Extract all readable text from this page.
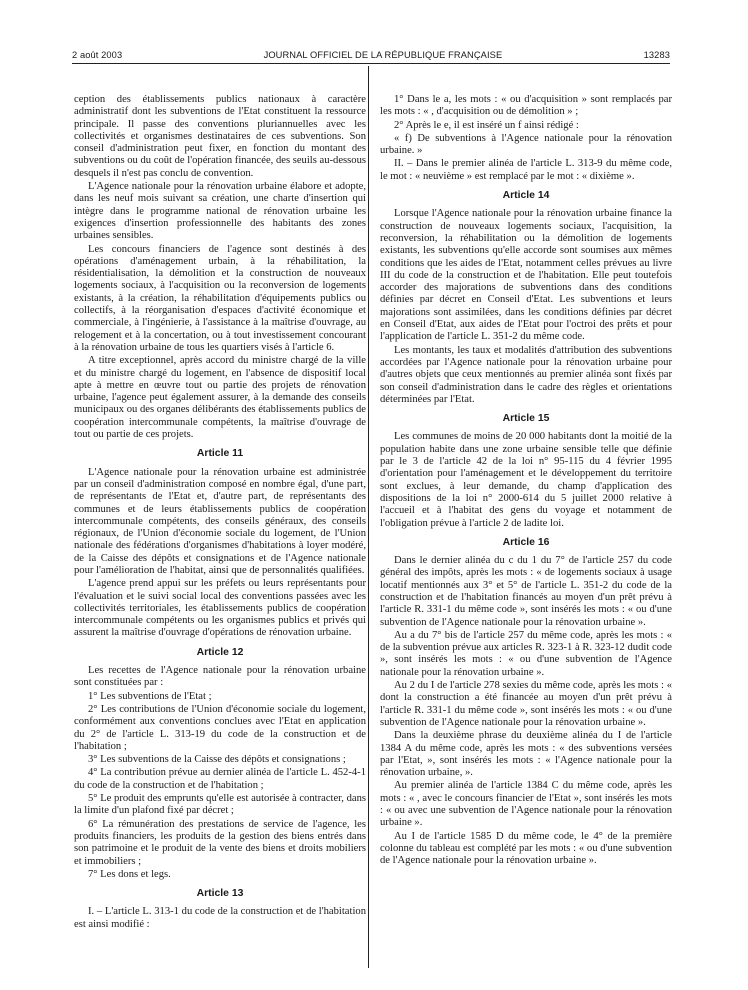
2 août 2003	JOURNAL OFFICIEL DE LA RÉPUBLIQUE FRANÇAISE	13283

ception des établissements publics nationaux à caractère administratif dont les subventions de l'Etat constituent la ressource principale. Il passe des conventions pluriannuelles avec les collectivités et organismes destinataires de ces subventions. Son conseil d'administration peut fixer, en fonction du montant des subventions ou du coût de l'opération financée, des seuils au-dessous desquels il n'est pas conclu de convention.

L'Agence nationale pour la rénovation urbaine élabore et adopte, dans les neuf mois suivant sa création, une charte d'insertion qui intègre dans le programme national de rénovation urbaine les exigences d'insertion professionnelle des habitants des zones urbaines sensibles.

Les concours financiers de l'agence sont destinés à des opérations d'aménagement urbain, à la réhabilitation, la résidentialisation, la démolition et la construction de nouveaux logements sociaux, à l'acquisition ou la reconversion de logements existants, à la création, la réhabilitation d'équipements publics ou collectifs, à la réorganisation d'espaces d'activité économique et commerciale, à l'ingénierie, à l'assistance à la maîtrise d'ouvrage, au relogement et à la concertation, ou à tout investissement concourant à la rénovation urbaine de tous les quartiers visés à l'article 6.

A titre exceptionnel, après accord du ministre chargé de la ville et du ministre chargé du logement, en l'absence de dispositif local apte à mettre en œuvre tout ou partie des projets de rénovation urbaine, l'agence peut également assurer, à la demande des conseils municipaux ou des organes délibérants des établissements publics de coopération intercommunale compétents, la maîtrise d'ouvrage de tout ou partie de ces projets.

Article 11

L'Agence nationale pour la rénovation urbaine est administrée par un conseil d'administration composé en nombre égal, d'une part, de représentants de l'Etat et, d'autre part, de représentants des communes et de leurs établissements publics de coopération intercommunale compétents, des conseils généraux, des conseils régionaux, de l'Union d'économie sociale du logement, de l'Union nationale des fédérations d'organismes d'habitations à loyer modéré, de la Caisse des dépôts et consignations et de l'Agence nationale pour l'amélioration de l'habitat, ainsi que de personnalités qualifiées.

L'agence prend appui sur les préfets ou leurs représentants pour l'évaluation et le suivi social local des conventions passées avec les collectivités territoriales, les établissements publics de coopération intercommunale compétents ou les organismes publics et privés qui assurent la maîtrise d'ouvrage d'opérations de rénovation urbaine.

Article 12

Les recettes de l'Agence nationale pour la rénovation urbaine sont constituées par :

1° Les subventions de l'Etat ;

2° Les contributions de l'Union d'économie sociale du logement, conformément aux conventions conclues avec l'Etat en application du 2° de l'article L. 313-19 du code de la construction et de l'habitation ;

3° Les subventions de la Caisse des dépôts et consignations ;

4° La contribution prévue au dernier alinéa de l'article L. 452-4-1 du code de la construction et de l'habitation ;

5° Le produit des emprunts qu'elle est autorisée à contracter, dans la limite d'un plafond fixé par décret ;

6° La rémunération des prestations de service de l'agence, les produits financiers, les produits de la gestion des biens entrés dans son patrimoine et le produit de la vente des biens et droits mobiliers et immobiliers ;

7° Les dons et legs.

Article 13

I. – L'article L. 313-1 du code de la construction et de l'habitation est ainsi modifié :

1° Dans le a, les mots : « ou d'acquisition » sont remplacés par les mots : « , d'acquisition ou de démolition » ;

2° Après le e, il est inséré un f ainsi rédigé :

« f) De subventions à l'Agence nationale pour la rénovation urbaine. »

II. – Dans le premier alinéa de l'article L. 313-9 du même code, le mot : « neuvième » est remplacé par le mot : « dixième ».

Article 14

Lorsque l'Agence nationale pour la rénovation urbaine finance la construction de nouveaux logements sociaux, l'acquisition, la reconversion, la réhabilitation ou la démolition de logements existants, les subventions qu'elle accorde sont soumises aux mêmes conditions que les aides de l'Etat, notamment celles prévues au livre III du code de la construction et de l'habitation. Elle peut toutefois accorder des majorations de subventions dans des conditions définies par décret en Conseil d'Etat. Les subventions et leurs majorations sont assimilées, dans les conditions définies par décret en Conseil d'Etat, aux aides de l'Etat pour l'octroi des prêts et pour l'application de l'article L. 351-2 du même code.

Les montants, les taux et modalités d'attribution des subventions accordées par l'Agence nationale pour la rénovation urbaine pour d'autres objets que ceux mentionnés au premier alinéa sont fixés par son conseil d'administration dans le cadre des règles et orientations déterminées par l'Etat.

Article 15

Les communes de moins de 20 000 habitants dont la moitié de la population habite dans une zone urbaine sensible telle que définie par le 3 de l'article 42 de la loi n° 95-115 du 4 février 1995 d'orientation pour l'aménagement et le développement du territoire sont exclues, à leur demande, du champ d'application des dispositions de la loi n° 2000-614 du 5 juillet 2000 relative à l'accueil et à l'habitat des gens du voyage et notamment de l'obligation prévue à l'article 2 de ladite loi.

Article 16

Dans le dernier alinéa du c du 1 du 7° de l'article 257 du code général des impôts, après les mots : « de logements sociaux à usage locatif mentionnés aux 3° et 5° de l'article L. 351-2 du code de la construction et de l'habitation financés au moyen d'un prêt prévu à l'article R. 331-1 du même code », sont insérés les mots : « ou d'une subvention de l'Agence nationale pour la rénovation urbaine ».

Au a du 7° bis de l'article 257 du même code, après les mots : « de la subvention prévue aux articles R. 323-1 à R. 323-12 dudit code », sont insérés les mots : « ou d'une subvention de l'Agence nationale pour la rénovation urbaine ».

Au 2 du I de l'article 278 sexies du même code, après les mots : « dont la construction a été financée au moyen d'un prêt prévu à l'article R. 331-1 du même code », sont insérés les mots : « ou d'une subvention de l'Agence nationale pour la rénovation urbaine ».

Dans la deuxième phrase du deuxième alinéa du I de l'article 1384 A du même code, après les mots : « des subventions versées par l'Etat, », sont insérés les mots : « l'Agence nationale pour la rénovation urbaine, ».

Au premier alinéa de l'article 1384 C du même code, après les mots : « , avec le concours financier de l'Etat », sont insérés les mots : « ou avec une subvention de l'Agence nationale pour la rénovation urbaine ».

Au I de l'article 1585 D du même code, le 4° de la première colonne du tableau est complété par les mots : « ou d'une subvention de l'Agence nationale pour la rénovation urbaine ».
